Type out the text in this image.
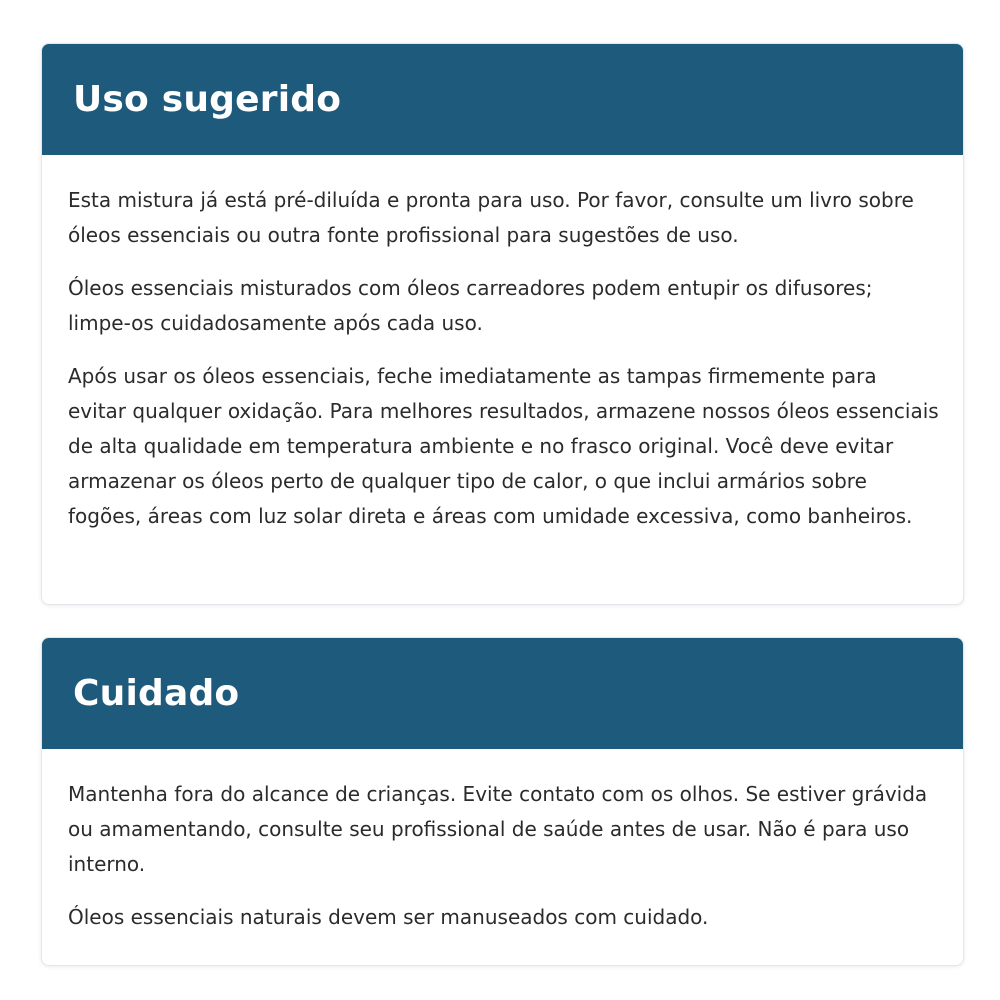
Uso sugerido

Esta mistura já está pré-diluída e pronta para uso. Por favor, consulte um livro sobre óleos essenciais ou outra fonte profissional para sugestões de uso.

Óleos essenciais misturados com óleos carreadores podem entupir os difusores; limpe-os cuidadosamente após cada uso.

Após usar os óleos essenciais, feche imediatamente as tampas firmemente para evitar qualquer oxidação. Para melhores resultados, armazene nossos óleos essenciais de alta qualidade em temperatura ambiente e no frasco original. Você deve evitar armazenar os óleos perto de qualquer tipo de calor, o que inclui armários sobre fogões, áreas com luz solar direta e áreas com umidade excessiva, como banheiros.

Cuidado

Mantenha fora do alcance de crianças. Evite contato com os olhos. Se estiver grávida ou amamentando, consulte seu profissional de saúde antes de usar. Não é para uso interno.

Óleos essenciais naturais devem ser manuseados com cuidado.
